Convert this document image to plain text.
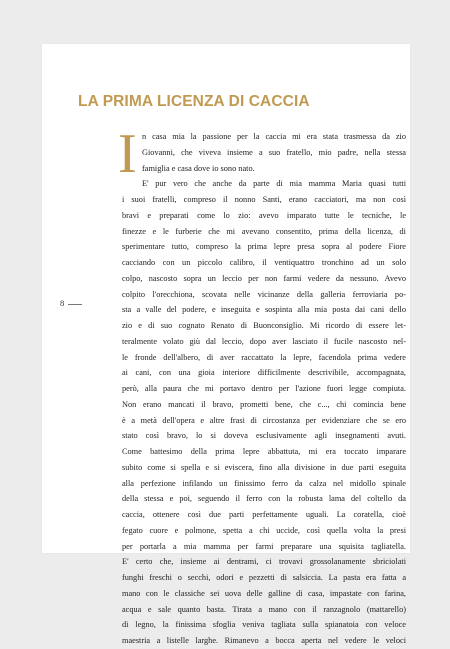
LA PRIMA LICENZA DI CACCIA
8
I n casa mia la passione per la caccia mi era stata trasmessa da zio
Giovanni, che viveva insieme a suo fratello, mio padre, nella stessa
famiglia e casa dove io sono nato.
E' pur vero che anche da parte di mia mamma Maria quasi tutti
i suoi fratelli, compreso il nonno Santi, erano cacciatori, ma non così
bravi e preparati come lo zio: avevo imparato tutte le tecniche, le
finezze e le furberie che mi avevano consentito, prima della licenza, di
sperimentare tutto, compreso la prima lepre presa sopra al podere Fiore
cacciando con un piccolo calibro, il ventiquattro tronchino ad un solo
colpo, nascosto sopra un leccio per non farmi vedere da nessuno. Avevo
colpito l'orecchiona, scovata nelle vicinanze della galleria ferroviaria po-
sta a valle del podere, e inseguita e sospinta alla mia posta dai cani dello
zio e di suo cognato Renato di Buonconsiglio. Mi ricordo di essere let-
teralmente volato giù dal leccio, dopo aver lasciato il fucile nascosto nel-
le fronde dell'albero, di aver raccattato la lepre, facendola prima vedere
ai cani, con una gioia interiore difficilmente descrivibile, accompagnata,
però, alla paura che mi portavo dentro per l'azione fuori legge compiuta.
Non erano mancati il bravo, prometti bene, che c..., chi comincia bene
è a metà dell'opera e altre frasi di circostanza per evidenziare che se ero
stato così bravo, lo si doveva esclusivamente agli insegnamenti avuti.
Come battesimo della prima lepre abbattuta, mi era toccato imparare
subito come si spella e si eviscera, fino alla divisione in due parti eseguita
alla perfezione infilando un finissimo ferro da calza nel midollo spinale
della stessa e poi, seguendo il ferro con la robusta lama del coltello da
caccia, ottenere così due parti perfettamente uguali. La coratella, cioè
fegato cuore e polmone, spetta a chi uccide, così quella volta la presi
per portarla a mia mamma per farmi preparare una squisita tagliatella.
E' certo che, insieme ai dentrami, ci trovavi grossolanamente sbriciolati
funghi freschi o secchi, odori e pezzetti di salsiccia. La pasta era fatta a
mano con le classiche sei uova delle galline di casa, impastate con farina,
acqua e sale quanto basta. Tirata a mano con il ranzagnolo (mattarello)
di legno, la finissima sfoglia veniva tagliata sulla spianatoia con veloce
maestria a listelle larghe. Rimanevo a bocca aperta nel vedere le veloci
